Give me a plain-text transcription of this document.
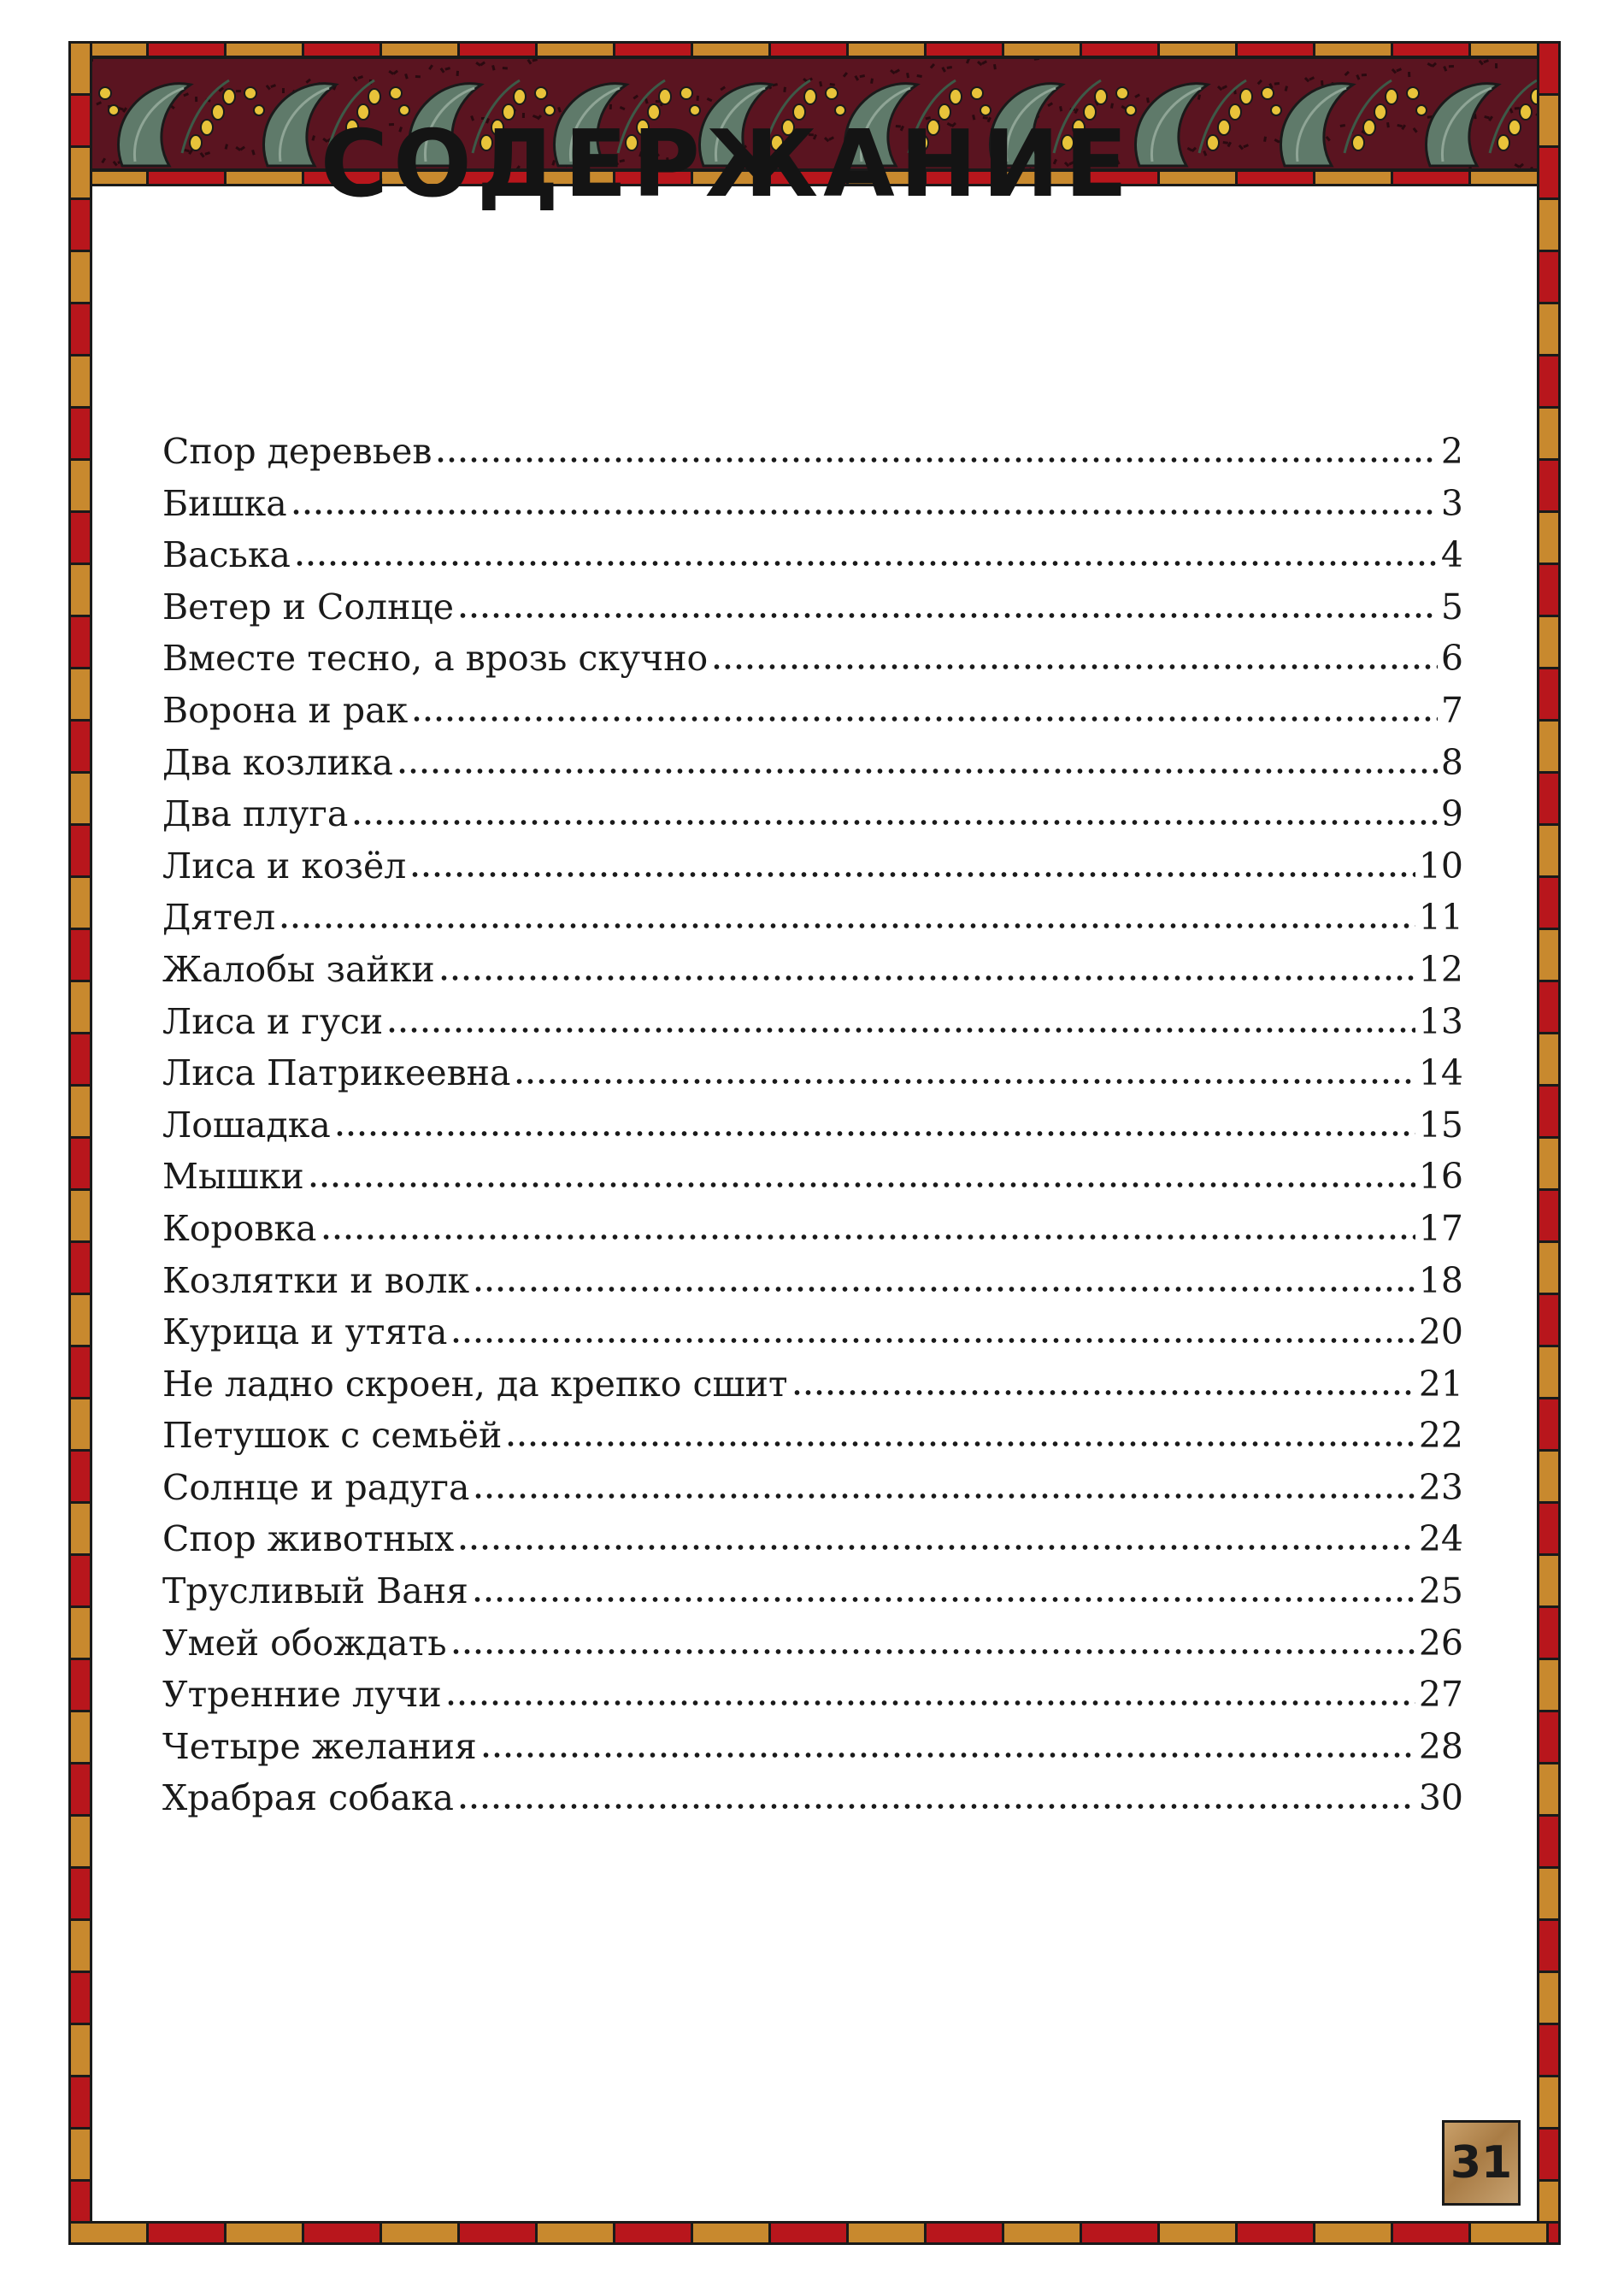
СОДЕРЖАНИЕ
Спор деревьев	2
Бишка	3
Васька	4
Ветер и Солнце	5
Вместе тесно, а врозь скучно	6
Ворона и рак	7
Два козлика	8
Два плуга	9
Лиса и козёл	10
Дятел	11
Жалобы зайки	12
Лиса и гуси	13
Лиса Патрикеевна	14
Лошадка	15
Мышки	16
Коровка	17
Козлятки и волк	18
Курица и утята	20
Не ладно скроен, да крепко сшит	21
Петушок с семьёй	22
Солнце и радуга	23
Спор животных	24
Трусливый Ваня	25
Умей обождать	26
Утренние лучи	27
Четыре желания	28
Храбрая собака	30
31
